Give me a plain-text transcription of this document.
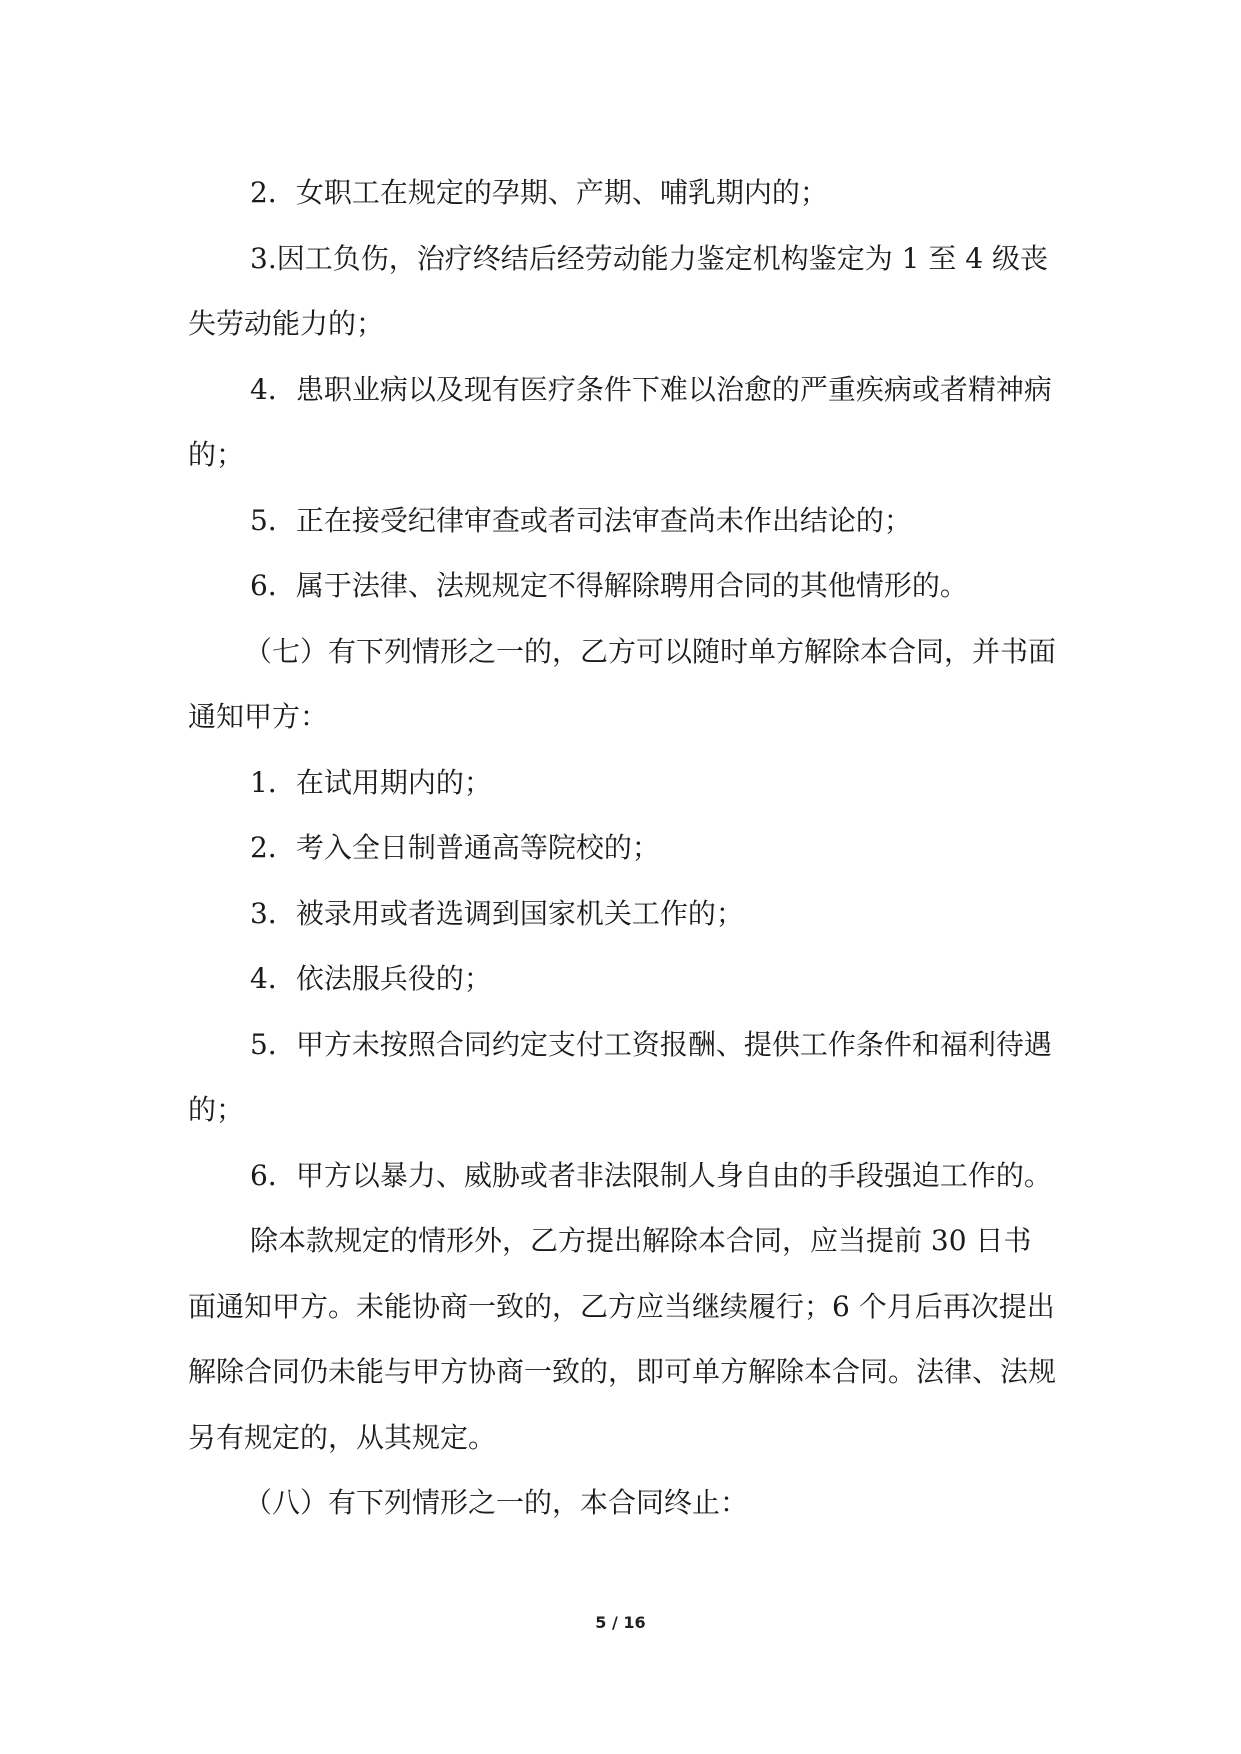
2．女职工在规定的孕期、产期、哺乳期内的；

3.因工负伤，治疗终结后经劳动能力鉴定机构鉴定为 1 至 4 级丧失劳动能力的；

4．患职业病以及现有医疗条件下难以治愈的严重疾病或者精神病的；

5．正在接受纪律审查或者司法审查尚未作出结论的；

6．属于法律、法规规定不得解除聘用合同的其他情形的。

（七）有下列情形之一的，乙方可以随时单方解除本合同，并书面通知甲方：

1．在试用期内的；

2．考入全日制普通高等院校的；

3．被录用或者选调到国家机关工作的；

4．依法服兵役的；

5．甲方未按照合同约定支付工资报酬、提供工作条件和福利待遇的；

6．甲方以暴力、威胁或者非法限制人身自由的手段强迫工作的。

除本款规定的情形外，乙方提出解除本合同，应当提前 30 日书面通知甲方。未能协商一致的，乙方应当继续履行；6 个月后再次提出解除合同仍未能与甲方协商一致的，即可单方解除本合同。法律、法规另有规定的，从其规定。

（八）有下列情形之一的，本合同终止：

5 / 16
